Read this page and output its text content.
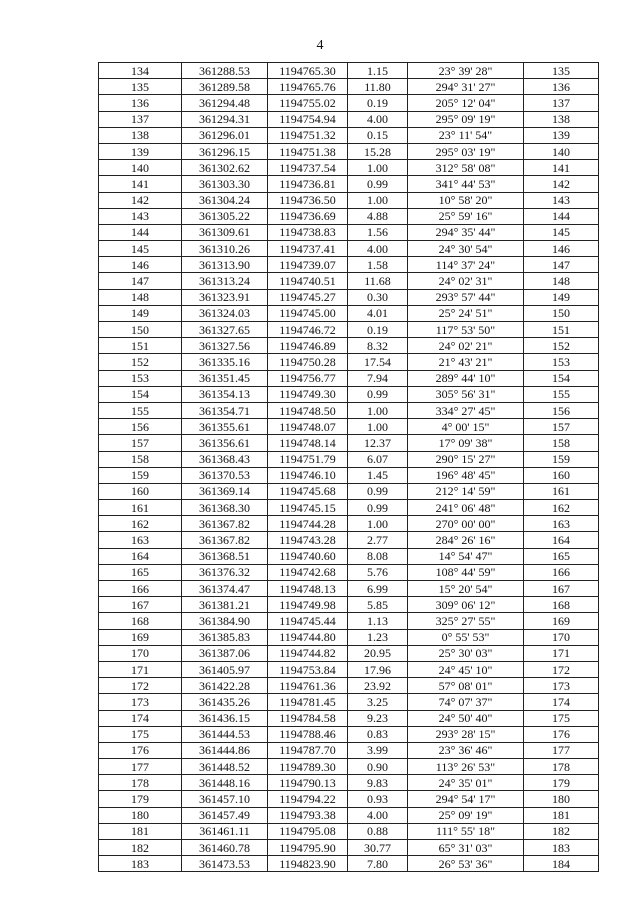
4
134	361288.53	1194765.30	1.15	23° 39' 28"	135
135	361289.58	1194765.76	11.80	294° 31' 27"	136
136	361294.48	1194755.02	0.19	205° 12' 04"	137
137	361294.31	1194754.94	4.00	295° 09' 19"	138
138	361296.01	1194751.32	0.15	23° 11' 54"	139
139	361296.15	1194751.38	15.28	295° 03' 19"	140
140	361302.62	1194737.54	1.00	312° 58' 08"	141
141	361303.30	1194736.81	0.99	341° 44' 53"	142
142	361304.24	1194736.50	1.00	10° 58' 20"	143
143	361305.22	1194736.69	4.88	25° 59' 16"	144
144	361309.61	1194738.83	1.56	294° 35' 44"	145
145	361310.26	1194737.41	4.00	24° 30' 54"	146
146	361313.90	1194739.07	1.58	114° 37' 24"	147
147	361313.24	1194740.51	11.68	24° 02' 31"	148
148	361323.91	1194745.27	0.30	293° 57' 44"	149
149	361324.03	1194745.00	4.01	25° 24' 51"	150
150	361327.65	1194746.72	0.19	117° 53' 50"	151
151	361327.56	1194746.89	8.32	24° 02' 21"	152
152	361335.16	1194750.28	17.54	21° 43' 21"	153
153	361351.45	1194756.77	7.94	289° 44' 10"	154
154	361354.13	1194749.30	0.99	305° 56' 31"	155
155	361354.71	1194748.50	1.00	334° 27' 45"	156
156	361355.61	1194748.07	1.00	4° 00' 15"	157
157	361356.61	1194748.14	12.37	17° 09' 38"	158
158	361368.43	1194751.79	6.07	290° 15' 27"	159
159	361370.53	1194746.10	1.45	196° 48' 45"	160
160	361369.14	1194745.68	0.99	212° 14' 59"	161
161	361368.30	1194745.15	0.99	241° 06' 48"	162
162	361367.82	1194744.28	1.00	270° 00' 00"	163
163	361367.82	1194743.28	2.77	284° 26' 16"	164
164	361368.51	1194740.60	8.08	14° 54' 47"	165
165	361376.32	1194742.68	5.76	108° 44' 59"	166
166	361374.47	1194748.13	6.99	15° 20' 54"	167
167	361381.21	1194749.98	5.85	309° 06' 12"	168
168	361384.90	1194745.44	1.13	325° 27' 55"	169
169	361385.83	1194744.80	1.23	0° 55' 53"	170
170	361387.06	1194744.82	20.95	25° 30' 03"	171
171	361405.97	1194753.84	17.96	24° 45' 10"	172
172	361422.28	1194761.36	23.92	57° 08' 01"	173
173	361435.26	1194781.45	3.25	74° 07' 37"	174
174	361436.15	1194784.58	9.23	24° 50' 40"	175
175	361444.53	1194788.46	0.83	293° 28' 15"	176
176	361444.86	1194787.70	3.99	23° 36' 46"	177
177	361448.52	1194789.30	0.90	113° 26' 53"	178
178	361448.16	1194790.13	9.83	24° 35' 01"	179
179	361457.10	1194794.22	0.93	294° 54' 17"	180
180	361457.49	1194793.38	4.00	25° 09' 19"	181
181	361461.11	1194795.08	0.88	111° 55' 18"	182
182	361460.78	1194795.90	30.77	65° 31' 03"	183
183	361473.53	1194823.90	7.80	26° 53' 36"	184
